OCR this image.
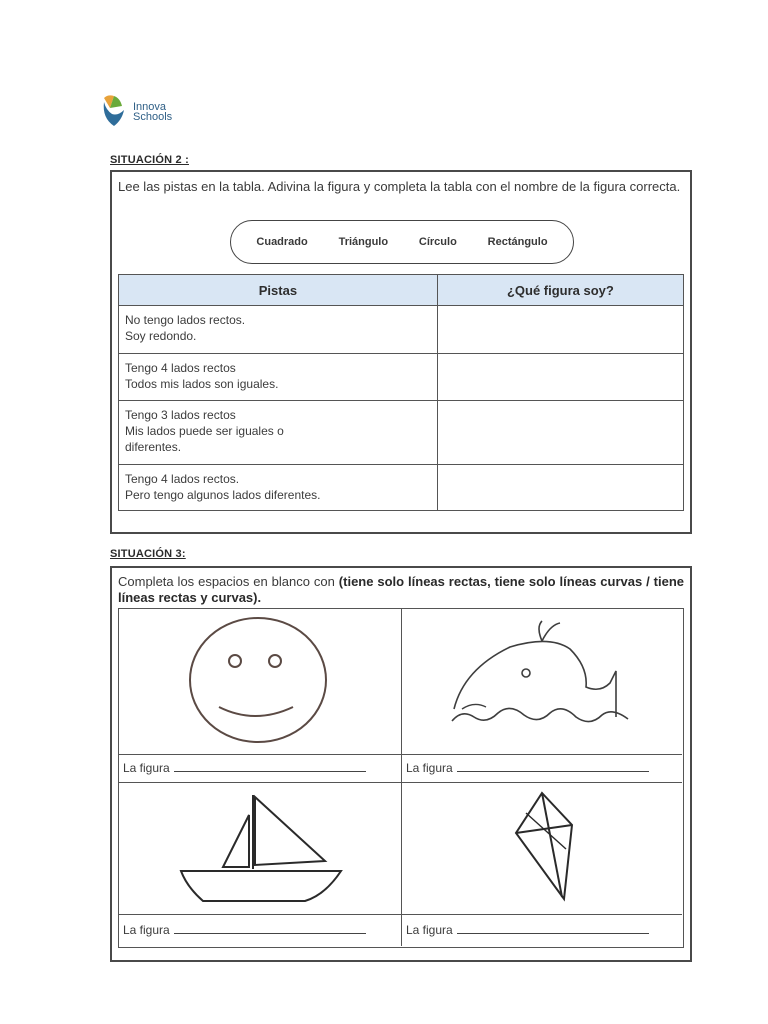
Innova
Schools
SITUACIÓN 2 :
Lee las pistas en la tabla. Adivina la figura y completa la tabla con el nombre de la figura correcta.
Cuadrado	Triángulo	Círculo	Rectángulo
Pistas	¿Qué figura soy?

No tengo lados rectos.
Soy redondo.	

Tengo 4 lados rectos
Todos mis lados son iguales.	

Tengo 3 lados rectos
Mis lados puede ser iguales o
diferentes.	

Tengo 4 lados rectos.
Pero tengo algunos lados diferentes.	

SITUACIÓN 3:
Completa los espacios en blanco con (tiene solo líneas rectas, tiene solo líneas curvas / tiene líneas rectas y curvas).
La figura	La figura
La figura	La figura
